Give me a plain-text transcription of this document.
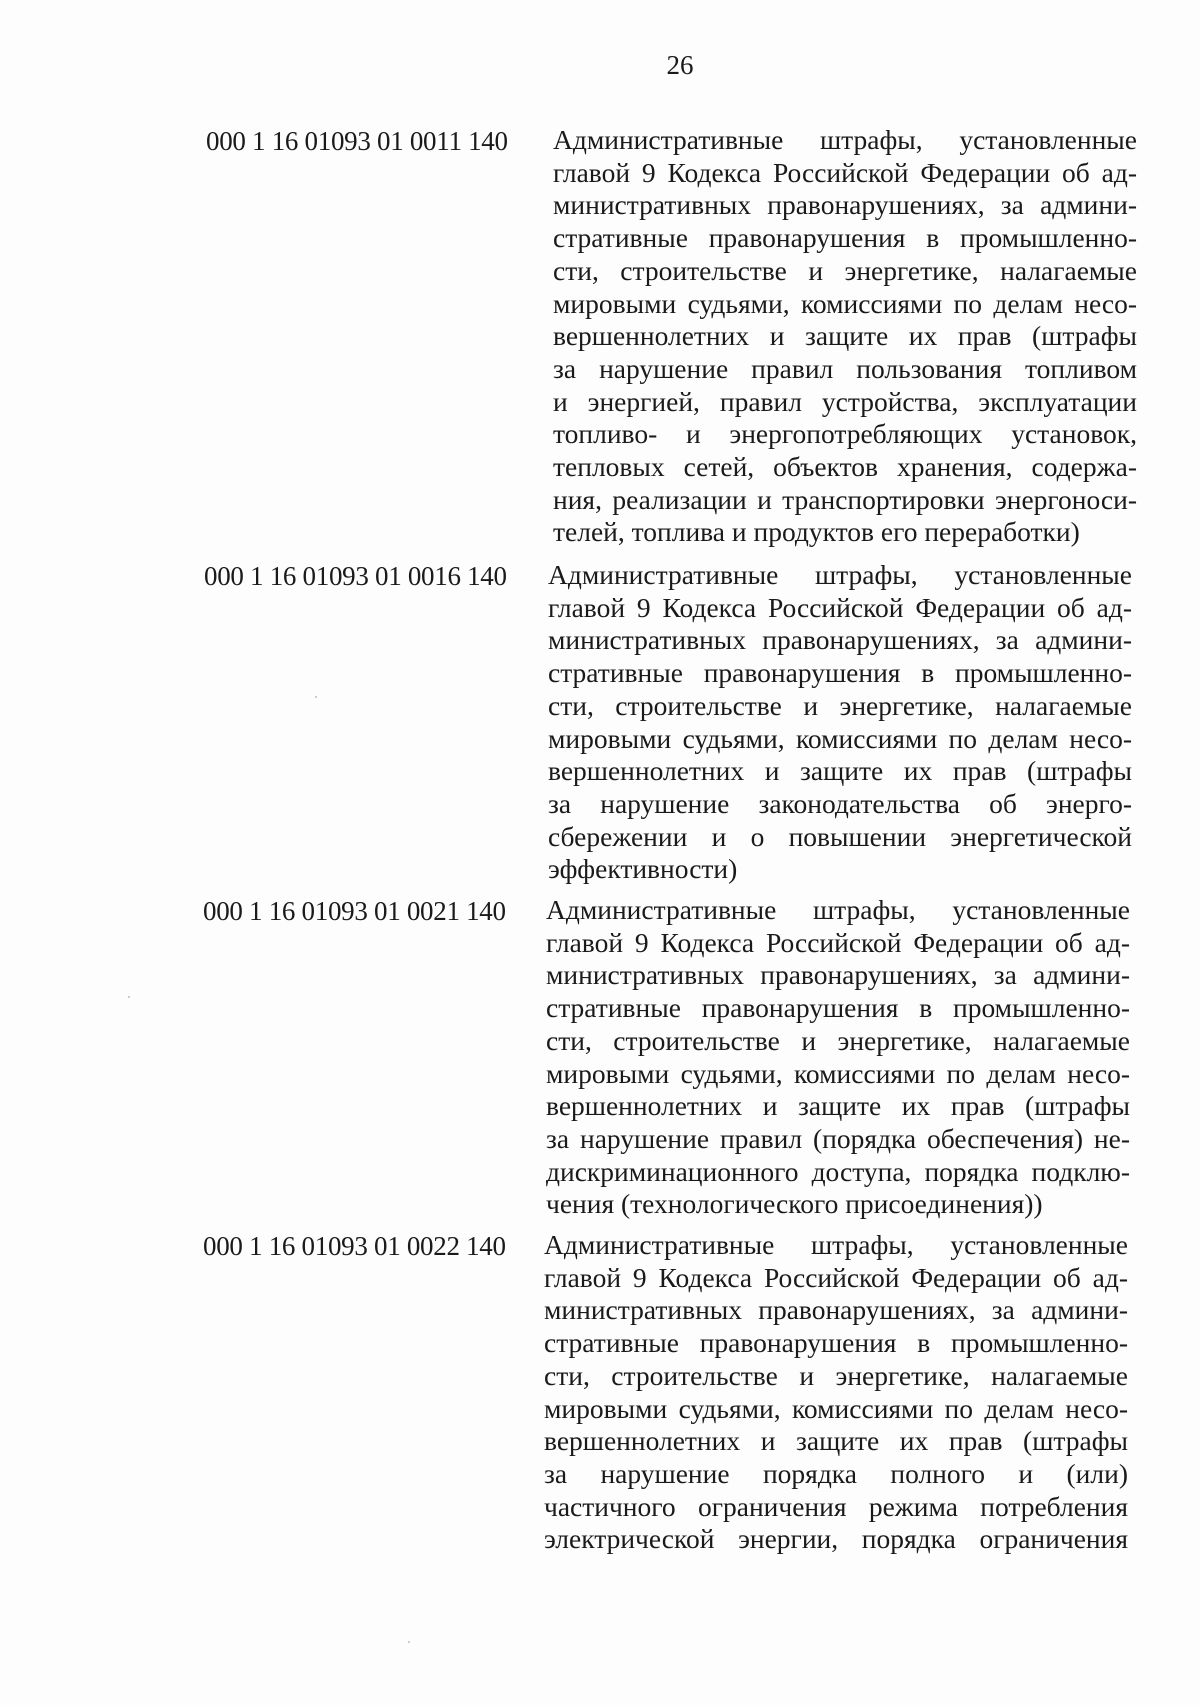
26
000 1 16 01093 01 0011 140 Административные штрафы, установленные
главой 9 Кодекса Российской Федерации об ад-
министративных правонарушениях, за админи-
стративные правонарушения в промышленно-
сти, строительстве и энергетике, налагаемые
мировыми судьями, комиссиями по делам несо-
вершеннолетних и защите их прав (штрафы
за нарушение правил пользования топливом
и энергией, правил устройства, эксплуатации
топливо- и энергопотребляющих установок,
тепловых сетей, объектов хранения, содержа-
ния, реализации и транспортировки энергоноси-
телей, топлива и продуктов его переработки)
000 1 16 01093 01 0016 140 Административные штрафы, установленные
главой 9 Кодекса Российской Федерации об ад-
министративных правонарушениях, за админи-
стративные правонарушения в промышленно-
сти, строительстве и энергетике, налагаемые
мировыми судьями, комиссиями по делам несо-
вершеннолетних и защите их прав (штрафы
за нарушение законодательства об энерго-
сбережении и о повышении энергетической
эффективности)
000 1 16 01093 01 0021 140 Административные штрафы, установленные
главой 9 Кодекса Российской Федерации об ад-
министративных правонарушениях, за админи-
стративные правонарушения в промышленно-
сти, строительстве и энергетике, налагаемые
мировыми судьями, комиссиями по делам несо-
вершеннолетних и защите их прав (штрафы
за нарушение правил (порядка обеспечения) не-
дискриминационного доступа, порядка подклю-
чения (технологического присоединения))
000 1 16 01093 01 0022 140 Административные штрафы, установленные
главой 9 Кодекса Российской Федерации об ад-
министративных правонарушениях, за админи-
стративные правонарушения в промышленно-
сти, строительстве и энергетике, налагаемые
мировыми судьями, комиссиями по делам несо-
вершеннолетних и защите их прав (штрафы
за нарушение порядка полного и (или)
частичного ограничения режима потребления
электрической энергии, порядка ограничения
